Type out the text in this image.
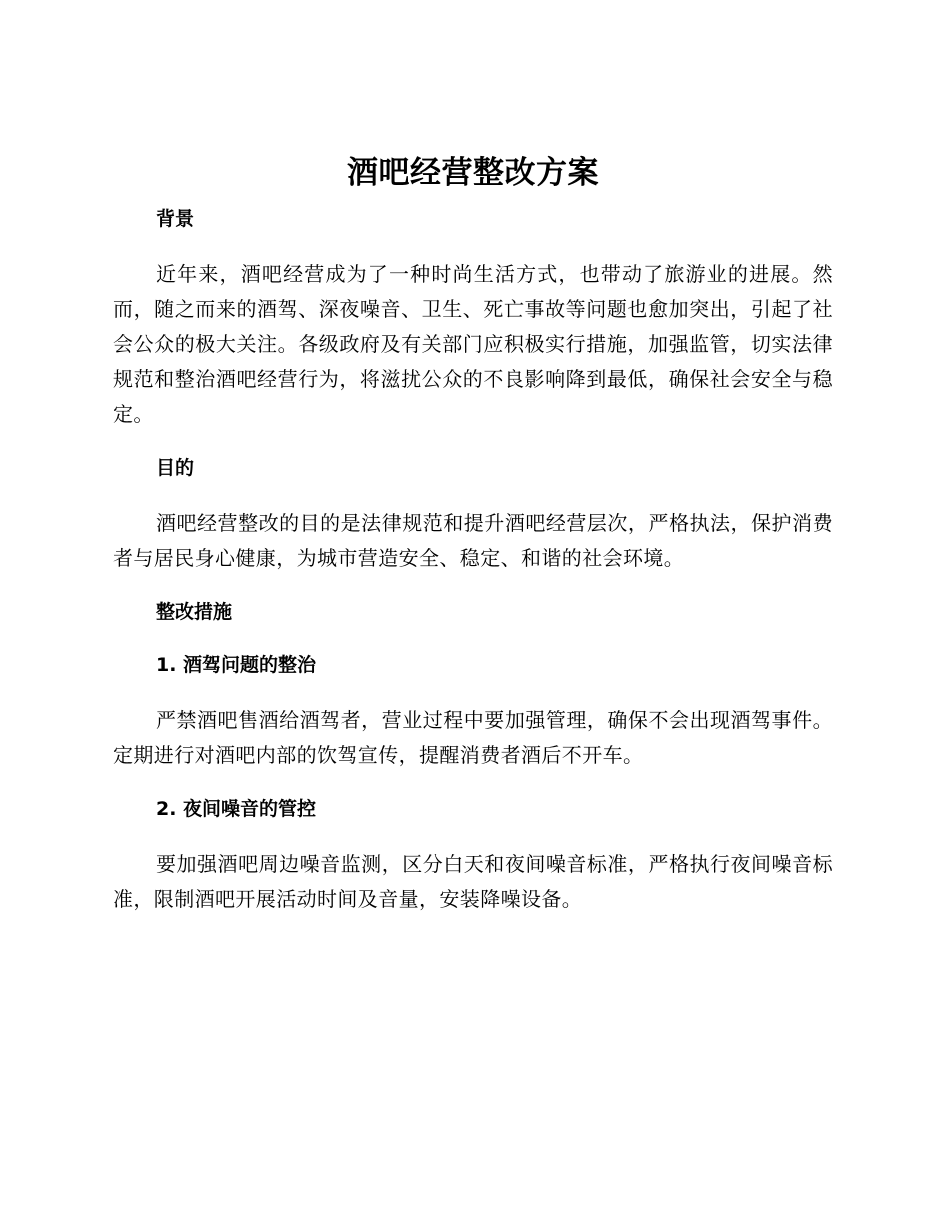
酒吧经营整改方案
背景

近年来，酒吧经营成为了一种时尚生活方式，也带动了旅游业的进展。然而，随之而来的酒驾、深夜噪音、卫生、死亡事故等问题也愈加突出，引起了社会公众的极大关注。各级政府及有关部门应积极实行措施，加强监管，切实法律规范和整治酒吧经营行为，将滋扰公众的不良影响降到最低，确保社会安全与稳定。

目的

酒吧经营整改的目的是法律规范和提升酒吧经营层次，严格执法，保护消费者与居民身心健康，为城市营造安全、稳定、和谐的社会环境。

整改措施
1. 酒驾问题的整治

严禁酒吧售酒给酒驾者，营业过程中要加强管理，确保不会出现酒驾事件。定期进行对酒吧内部的饮驾宣传，提醒消费者酒后不开车。

2. 夜间噪音的管控

要加强酒吧周边噪音监测，区分白天和夜间噪音标准，严格执行夜间噪音标准，限制酒吧开展活动时间及音量，安装降噪设备。
